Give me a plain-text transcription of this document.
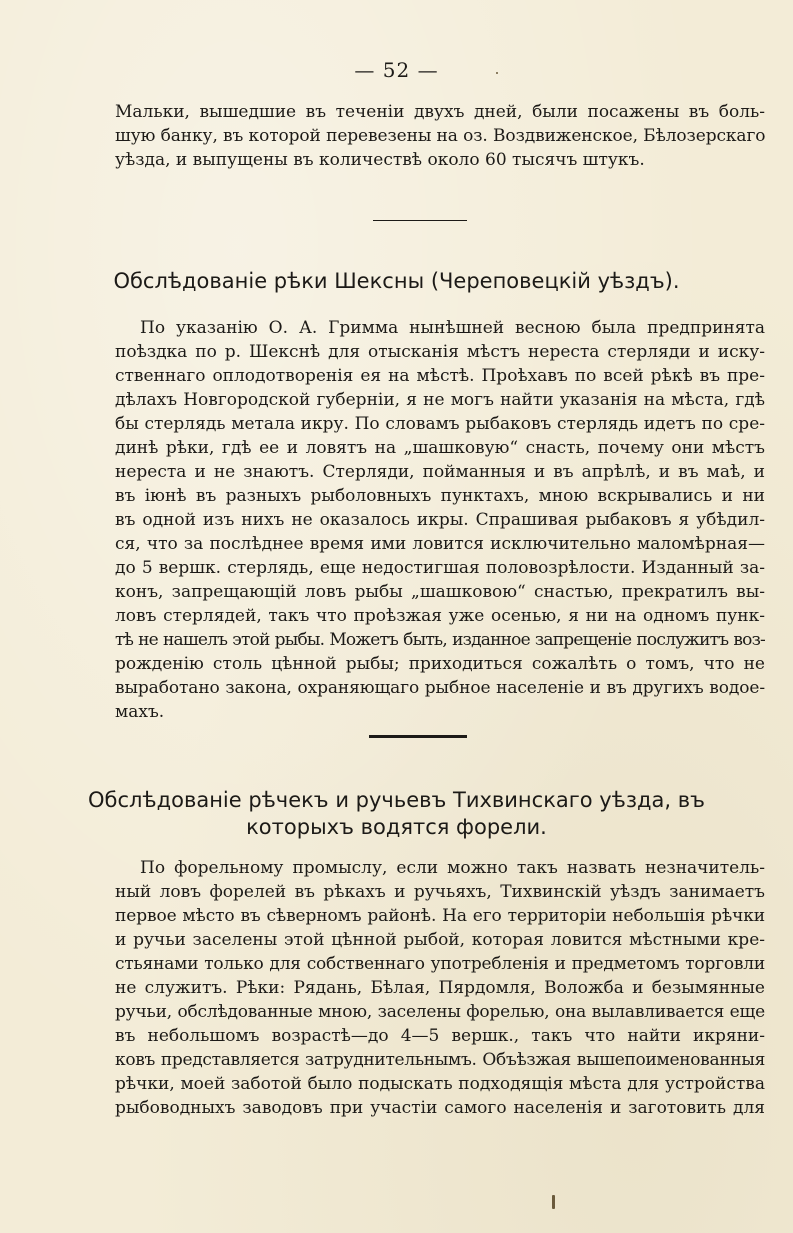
— 52 —
Мальки, вышедшие въ теченіи двухъ дней, были посажены въ боль-
шую банку, въ которой перевезены на оз. Воздвиженское, Бѣлозерскаго
уѣзда, и выпущены въ количествѣ около 60 тысячъ штукъ.
Обслѣдованіе рѣки Шексны (Череповецкій уѣздъ).
По указанію О. А. Гримма нынѣшней весною была предпринята
поѣздка по р. Шекснѣ для отысканія мѣстъ нереста стерляди и иску-
ственнаго оплодотворенія ея на мѣстѣ. Проѣхавъ по всей рѣкѣ въ пре-
дѣлахъ Новгородской губерніи, я не могъ найти указанія на мѣста, гдѣ
бы стерлядь метала икру. По словамъ рыбаковъ стерлядь идетъ по сре-
динѣ рѣки, гдѣ ее и ловятъ на „шашковую“ снасть, почему они мѣстъ
нереста и не знаютъ. Стерляди, пойманныя и въ апрѣлѣ, и въ маѣ, и
въ іюнѣ въ разныхъ рыболовныхъ пунктахъ, мною вскрывались и ни
въ одной изъ нихъ не оказалось икры. Спрашивая рыбаковъ я убѣдил-
ся, что за послѣднее время ими ловится исключительно маломѣрная—
до 5 вершк. стерлядь, еще недостигшая половозрѣлости. Изданный за-
конъ, запрещающій ловъ рыбы „шашковою“ снастью, прекратилъ вы-
ловъ стерлядей, такъ что проѣзжая уже осенью, я ни на одномъ пунк-
тѣ не нашелъ этой рыбы. Можетъ быть, изданное запрещеніе послужитъ воз-
рожденію столь цѣнной рыбы; приходиться сожалѣть о томъ, что не
выработано закона, охраняющаго рыбное населеніе и въ другихъ водое-
махъ.
Обслѣдованіе рѣчекъ и ручьевъ Тихвинскаго уѣзда, въ
которыхъ водятся форели.
По форельному промыслу, если можно такъ назвать незначитель-
ный ловъ форелей въ рѣкахъ и ручьяхъ, Тихвинскій уѣздъ занимаетъ
первое мѣсто въ сѣверномъ районѣ. На его территоріи небольшія рѣчки
и ручьи заселены этой цѣнной рыбой, которая ловится мѣстными кре-
стьянами только для собственнаго употребленія и предметомъ торговли
не служитъ. Рѣки: Рядань, Бѣлая, Пярдомля, Воложба и безымянные
ручьи, обслѣдованные мною, заселены форелью, она вылавливается еще
въ небольшомъ возрастѣ—до 4—5 вершк., такъ что найти икряни-
ковъ представляется затруднительнымъ. Объѣзжая вышепоименованныя
рѣчки, моей заботой было подыскать подходящія мѣста для устройства
рыбоводныхъ заводовъ при участіи самого населенія и заготовить для
